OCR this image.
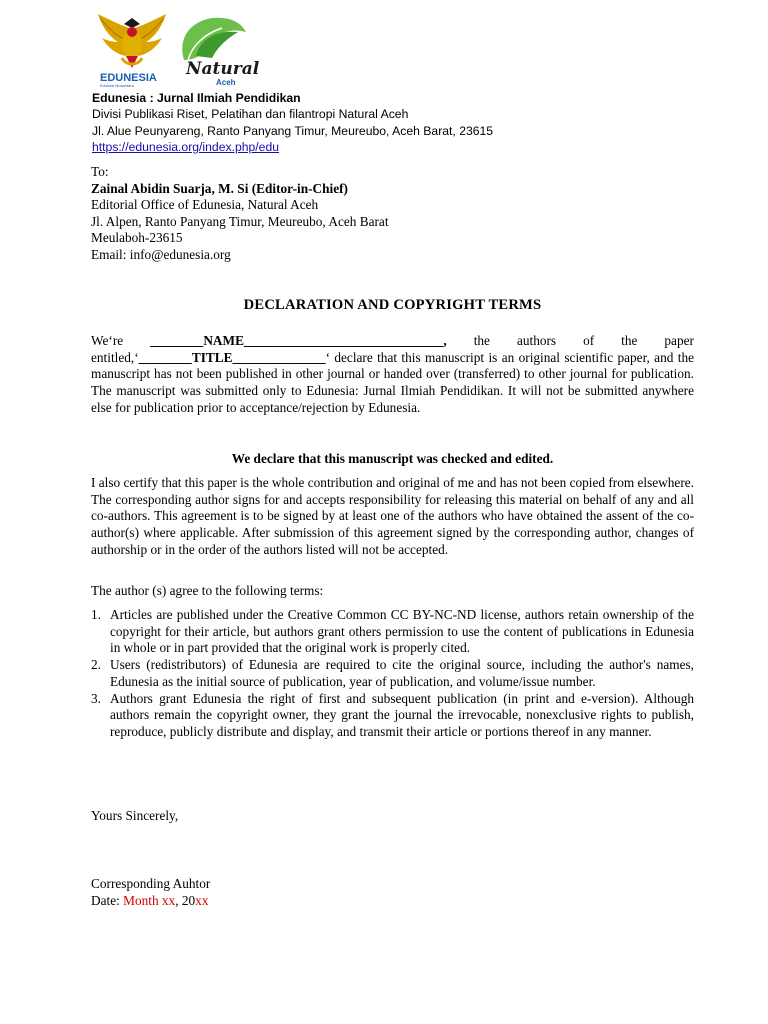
EDUNESIA
Edukasi Nusantara
Natural
Aceh
Edunesia : Jurnal Ilmiah Pendidikan
Divisi Publikasi Riset, Pelatihan dan filantropi Natural Aceh
Jl. Alue Peunyareng, Ranto Panyang Timur, Meureubo, Aceh Barat, 23615
https://edunesia.org/index.php/edu
To:
Zainal Abidin Suarja, M. Si (Editor-in-Chief)
Editorial Office of Edunesia, Natural Aceh
Jl. Alpen, Ranto Panyang Timur, Meureubo, Aceh Barat
Meulaboh-23615
Email: info@edunesia.org
DECLARATION AND COPYRIGHT TERMS
We‘re ________NAME______________________________, the authors of the paper
entitled,‘________TITLE______________‘ declare that this manuscript is an original scientific paper, and the manuscript has not been published in other journal or handed over (transferred) to other journal for publication. The manuscript was submitted only to Edunesia: Jurnal Ilmiah Pendidikan. It will not be submitted anywhere else for publication prior to acceptance/rejection by Edunesia.
We declare that this manuscript was checked and edited.
I also certify that this paper is the whole contribution and original of me and has not been copied from elsewhere. The corresponding author signs for and accepts responsibility for releasing this material on behalf of any and all co-authors. This agreement is to be signed by at least one of the authors who have obtained the assent of the co-author(s) where applicable. After submission of this agreement signed by the corresponding author, changes of authorship or in the order of the authors listed will not be accepted.
The author (s) agree to the following terms:
1. Articles are published under the Creative Common CC BY-NC-ND license, authors retain ownership of the copyright for their article, but authors grant others permission to use the content of publications in Edunesia in whole or in part provided that the original work is properly cited.
2. Users (redistributors) of Edunesia are required to cite the original source, including the author's names, Edunesia as the initial source of publication, year of publication, and volume/issue number.
3. Authors grant Edunesia the right of first and subsequent publication (in print and e-version). Although authors remain the copyright owner, they grant the journal the irrevocable, nonexclusive rights to publish, reproduce, publicly distribute and display, and transmit their article or portions thereof in any manner.
Yours Sincerely,
Corresponding Auhtor
Date: Month xx, 20xx
